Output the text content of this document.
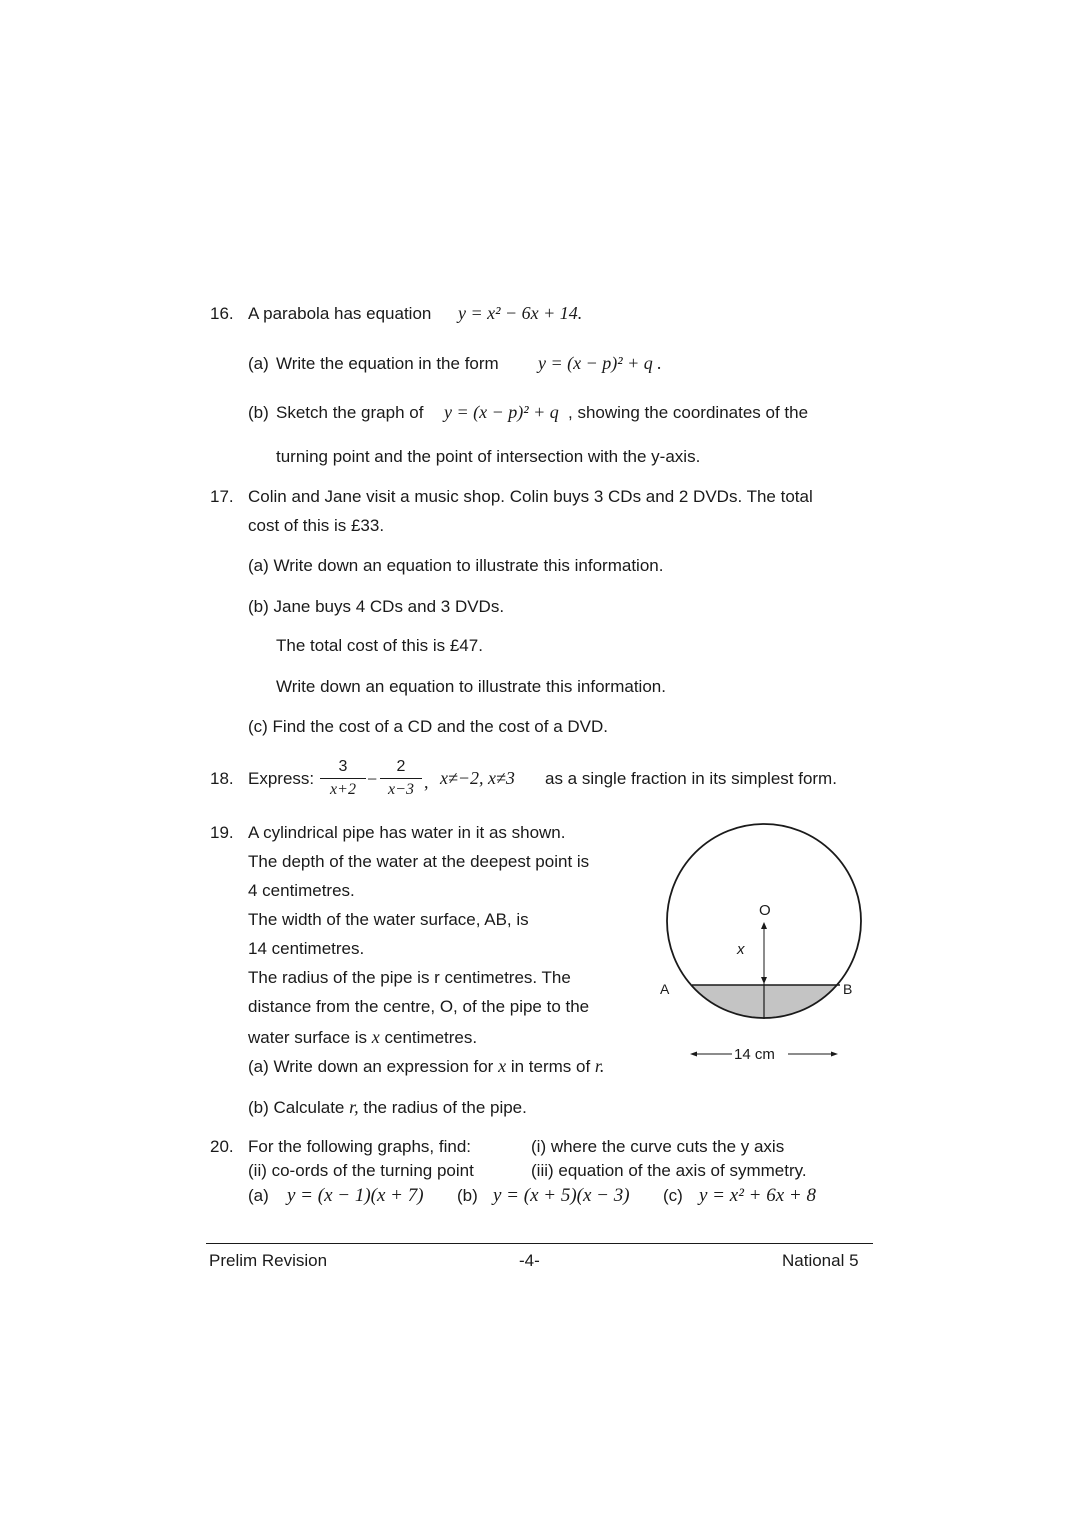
16. A parabola has equation y = x² − 6x + 14.
(a) Write the equation in the form y = (x − p)² + q .
(b) Sketch the graph of y = (x − p)² + q , showing the coordinates of the
turning point and the point of intersection with the y-axis.
17. Colin and Jane visit a music shop. Colin buys 3 CDs and 2 DVDs. The total
cost of this is £33.
(a) Write down an equation to illustrate this information.
(b) Jane buys 4 CDs and 3 DVDs.
The total cost of this is £47.
Write down an equation to illustrate this information.
(c) Find the cost of a CD and the cost of a DVD.
18. Express: $\frac{3}{x+2} - \frac{2}{x-3}$ , x≠−2, x≠3 as a single fraction in its simplest form.
19. A cylindrical pipe has water in it as shown.
The depth of the water at the deepest point is
4 centimetres.
The width of the water surface, AB, is
14 centimetres.
The radius of the pipe is r centimetres. The
distance from the centre, O, of the pipe to the
water surface is x centimetres.
(a) Write down an expression for x in terms of r.
(b) Calculate r, the radius of the pipe.
O
x
A	B
14 cm
20. For the following graphs, find:	(i) where the curve cuts the y axis
(ii) co-ords of the turning point	(iii) equation of the axis of symmetry.
(a) y = (x − 1)(x + 7) (b) y = (x + 5)(x − 3) (c) y = x² + 6x + 8
Prelim Revision	-4-	National 5
